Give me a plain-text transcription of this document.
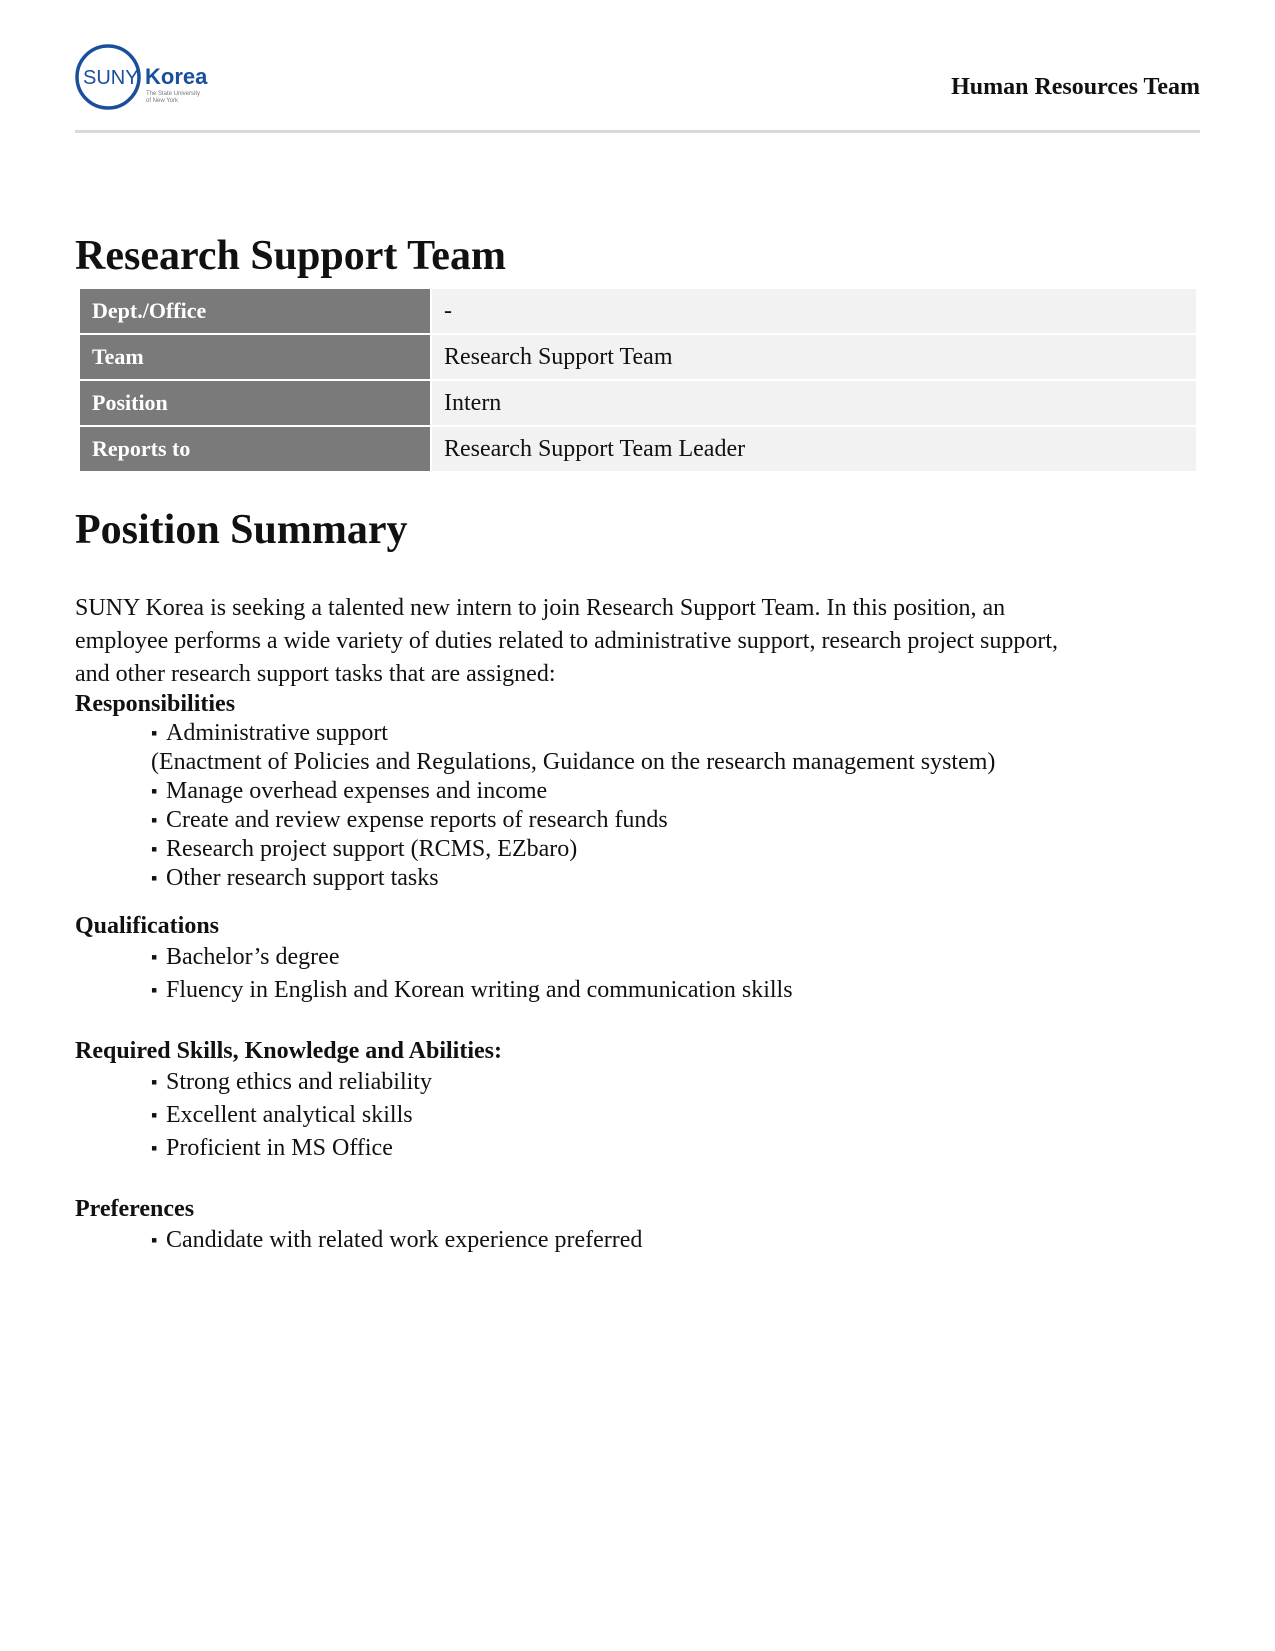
SUNY Korea
The State University
of New York
Human Resources Team
Research Support Team
Dept./Office	-
Team	Research Support Team
Position	Intern
Reports to	Research Support Team Leader
Position Summary

SUNY Korea is seeking a talented new intern to join Research Support Team. In this position, an employee performs a wide variety of duties related to administrative support, research project support, and other research support tasks that are assigned:

Responsibilities
▪ Administrative support
(Enactment of Policies and Regulations, Guidance on the research management system)
▪ Manage overhead expenses and income
▪ Create and review expense reports of research funds
▪ Research project support (RCMS, EZbaro)
▪ Other research support tasks
Qualifications
▪ Bachelor’s degree
▪ Fluency in English and Korean writing and communication skills
Required Skills, Knowledge and Abilities:
▪ Strong ethics and reliability
▪ Excellent analytical skills
▪ Proficient in MS Office
Preferences
▪ Candidate with related work experience preferred
